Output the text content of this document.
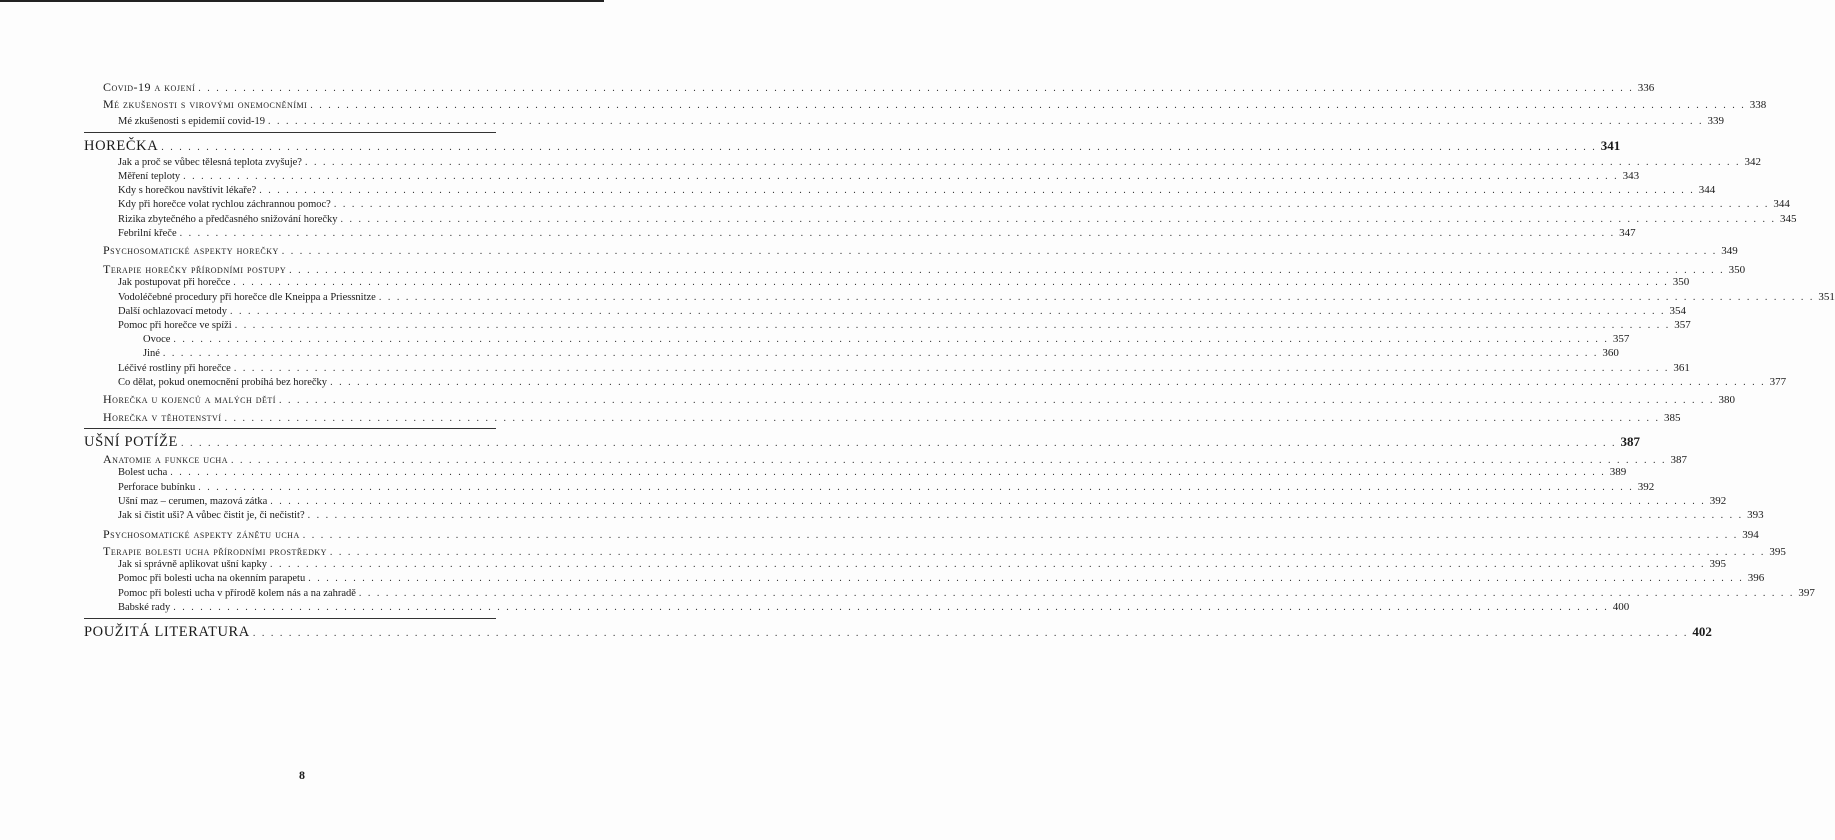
Covid-19 a kojení . . . . . . . . . . . . . . . . . . . . . . . . . . . . . . . . . . . . . . . . . . . . . . . . . . . . . . . . . . . . . . . . . . . . . . . . . . . . . . . . . . . . . . . . . . . . . . . . . . . . . . . . . . . . . . . . . . . . . . . . . . . . . . . . . . . . . . . . . . . . . . . . . . . . . . . . . . . . . . . . 336
Mé zkušenosti s virovými onemocněními . . . . . . . . . . . . . . . . . . . . . . . . . . . . . . . . . . . . . . . . . . . . . . . . . . . . . . . . . . . . . . . . . . . . . . . . . . . . . . . . . . . . . . . . . . . . . . . . . . . . . . . . . . . . . . . . . . . . . . . . . . . . . . . . . . . . . . . . . . . . . . . . . . . . . . . . . . . . . . . . 338
Mé zkušenosti s epidemií covid-19 . . . . . . . . . . . . . . . . . . . . . . . . . . . . . . . . . . . . . . . . . . . . . . . . . . . . . . . . . . . . . . . . . . . . . . . . . . . . . . . . . . . . . . . . . . . . . . . . . . . . . . . . . . . . . . . . . . . . . . . . . . . . . . . . . . . . . . . . . . . . . . . . . . . . . . . . . . . . . . . . 339
HOREČKA . . . . . . . . . . . . . . . . . . . . . . . . . . . . . . . . . . . . . . . . . . . . . . . . . . . . . . . . . . . . . . . . . . . . . . . . . . . . . . . . . . . . . . . . . . . . . . . . . . . . . . . . . . . . . . . . . . . . . . . . . . . . . . . . . . . . . . . . . . . . . . . . . . . . . . . . . . . . . . . . 341
Jak a proč se vůbec tělesná teplota zvyšuje? . . . . . . . . . . . . . . . . . . . . . . . . . . . . . . . . . . . . . . . . . . . . . . . . . . . . . . . . . . . . . . . . . . . . . . . . . . . . . . . . . . . . . . . . . . . . . . . . . . . . . . . . . . . . . . . . . . . . . . . . . . . . . . . . . . . . . . . . . . . . . . . . . . . . . . . . . . . . . . . . 342
Měření teploty . . . . . . . . . . . . . . . . . . . . . . . . . . . . . . . . . . . . . . . . . . . . . . . . . . . . . . . . . . . . . . . . . . . . . . . . . . . . . . . . . . . . . . . . . . . . . . . . . . . . . . . . . . . . . . . . . . . . . . . . . . . . . . . . . . . . . . . . . . . . . . . . . . . . . . . . . . . . . . . . 343
Kdy s horečkou navštívit lékaře? . . . . . . . . . . . . . . . . . . . . . . . . . . . . . . . . . . . . . . . . . . . . . . . . . . . . . . . . . . . . . . . . . . . . . . . . . . . . . . . . . . . . . . . . . . . . . . . . . . . . . . . . . . . . . . . . . . . . . . . . . . . . . . . . . . . . . . . . . . . . . . . . . . . . . . . . . . . . . . . . 344
Kdy při horečce volat rychlou záchrannou pomoc? . . . . . . . . . . . . . . . . . . . . . . . . . . . . . . . . . . . . . . . . . . . . . . . . . . . . . . . . . . . . . . . . . . . . . . . . . . . . . . . . . . . . . . . . . . . . . . . . . . . . . . . . . . . . . . . . . . . . . . . . . . . . . . . . . . . . . . . . . . . . . . . . . . . . . . . . . . . . . . . . 344
Rizika zbytečného a předčasného snižování horečky . . . . . . . . . . . . . . . . . . . . . . . . . . . . . . . . . . . . . . . . . . . . . . . . . . . . . . . . . . . . . . . . . . . . . . . . . . . . . . . . . . . . . . . . . . . . . . . . . . . . . . . . . . . . . . . . . . . . . . . . . . . . . . . . . . . . . . . . . . . . . . . . . . . . . . . . . . . . . . . . 345
Febrilní křeče . . . . . . . . . . . . . . . . . . . . . . . . . . . . . . . . . . . . . . . . . . . . . . . . . . . . . . . . . . . . . . . . . . . . . . . . . . . . . . . . . . . . . . . . . . . . . . . . . . . . . . . . . . . . . . . . . . . . . . . . . . . . . . . . . . . . . . . . . . . . . . . . . . . . . . . . . . . . . . . . 347
Psychosomatické aspekty horečky . . . . . . . . . . . . . . . . . . . . . . . . . . . . . . . . . . . . . . . . . . . . . . . . . . . . . . . . . . . . . . . . . . . . . . . . . . . . . . . . . . . . . . . . . . . . . . . . . . . . . . . . . . . . . . . . . . . . . . . . . . . . . . . . . . . . . . . . . . . . . . . . . . . . . . . . . . . . . . . . 349
Terapie horečky přírodními postupy . . . . . . . . . . . . . . . . . . . . . . . . . . . . . . . . . . . . . . . . . . . . . . . . . . . . . . . . . . . . . . . . . . . . . . . . . . . . . . . . . . . . . . . . . . . . . . . . . . . . . . . . . . . . . . . . . . . . . . . . . . . . . . . . . . . . . . . . . . . . . . . . . . . . . . . . . . . . . . . . 350
Jak postupovat při horečce . . . . . . . . . . . . . . . . . . . . . . . . . . . . . . . . . . . . . . . . . . . . . . . . . . . . . . . . . . . . . . . . . . . . . . . . . . . . . . . . . . . . . . . . . . . . . . . . . . . . . . . . . . . . . . . . . . . . . . . . . . . . . . . . . . . . . . . . . . . . . . . . . . . . . . . . . . . . . . . . 350
Vodoléčebné procedury při horečce dle Kneippa a Priessnitze . . . . . . . . . . . . . . . . . . . . . . . . . . . . . . . . . . . . . . . . . . . . . . . . . . . . . . . . . . . . . . . . . . . . . . . . . . . . . . . . . . . . . . . . . . . . . . . . . . . . . . . . . . . . . . . . . . . . . . . . . . . . . . . . . . . . . . . . . . . . . . . . . . . . . . . . . . . . . . . . 351
Další ochlazovací metody . . . . . . . . . . . . . . . . . . . . . . . . . . . . . . . . . . . . . . . . . . . . . . . . . . . . . . . . . . . . . . . . . . . . . . . . . . . . . . . . . . . . . . . . . . . . . . . . . . . . . . . . . . . . . . . . . . . . . . . . . . . . . . . . . . . . . . . . . . . . . . . . . . . . . . . . . . . . . . . . 354
Pomoc při horečce ve spíži . . . . . . . . . . . . . . . . . . . . . . . . . . . . . . . . . . . . . . . . . . . . . . . . . . . . . . . . . . . . . . . . . . . . . . . . . . . . . . . . . . . . . . . . . . . . . . . . . . . . . . . . . . . . . . . . . . . . . . . . . . . . . . . . . . . . . . . . . . . . . . . . . . . . . . . . . . . . . . . . 357
Ovoce . . . . . . . . . . . . . . . . . . . . . . . . . . . . . . . . . . . . . . . . . . . . . . . . . . . . . . . . . . . . . . . . . . . . . . . . . . . . . . . . . . . . . . . . . . . . . . . . . . . . . . . . . . . . . . . . . . . . . . . . . . . . . . . . . . . . . . . . . . . . . . . . . . . . . . . . . . . . . . . . 357
Jiné . . . . . . . . . . . . . . . . . . . . . . . . . . . . . . . . . . . . . . . . . . . . . . . . . . . . . . . . . . . . . . . . . . . . . . . . . . . . . . . . . . . . . . . . . . . . . . . . . . . . . . . . . . . . . . . . . . . . . . . . . . . . . . . . . . . . . . . . . . . . . . . . . . . . . . . . . . . . . . . . 360
Léčivé rostliny při horečce . . . . . . . . . . . . . . . . . . . . . . . . . . . . . . . . . . . . . . . . . . . . . . . . . . . . . . . . . . . . . . . . . . . . . . . . . . . . . . . . . . . . . . . . . . . . . . . . . . . . . . . . . . . . . . . . . . . . . . . . . . . . . . . . . . . . . . . . . . . . . . . . . . . . . . . . . . . . . . . . 361
Co dělat, pokud onemocnění probíhá bez horečky . . . . . . . . . . . . . . . . . . . . . . . . . . . . . . . . . . . . . . . . . . . . . . . . . . . . . . . . . . . . . . . . . . . . . . . . . . . . . . . . . . . . . . . . . . . . . . . . . . . . . . . . . . . . . . . . . . . . . . . . . . . . . . . . . . . . . . . . . . . . . . . . . . . . . . . . . . . . . . . . 377
Horečka u kojenců a malých dětí . . . . . . . . . . . . . . . . . . . . . . . . . . . . . . . . . . . . . . . . . . . . . . . . . . . . . . . . . . . . . . . . . . . . . . . . . . . . . . . . . . . . . . . . . . . . . . . . . . . . . . . . . . . . . . . . . . . . . . . . . . . . . . . . . . . . . . . . . . . . . . . . . . . . . . . . . . . . . . . . 380
Horečka v těhotenství . . . . . . . . . . . . . . . . . . . . . . . . . . . . . . . . . . . . . . . . . . . . . . . . . . . . . . . . . . . . . . . . . . . . . . . . . . . . . . . . . . . . . . . . . . . . . . . . . . . . . . . . . . . . . . . . . . . . . . . . . . . . . . . . . . . . . . . . . . . . . . . . . . . . . . . . . . . . . . . . 385
UŠNÍ POTÍŽE . . . . . . . . . . . . . . . . . . . . . . . . . . . . . . . . . . . . . . . . . . . . . . . . . . . . . . . . . . . . . . . . . . . . . . . . . . . . . . . . . . . . . . . . . . . . . . . . . . . . . . . . . . . . . . . . . . . . . . . . . . . . . . . . . . . . . . . . . . . . . . . . . . . . . . . . . . . . . . . . 387
Anatomie a funkce ucha . . . . . . . . . . . . . . . . . . . . . . . . . . . . . . . . . . . . . . . . . . . . . . . . . . . . . . . . . . . . . . . . . . . . . . . . . . . . . . . . . . . . . . . . . . . . . . . . . . . . . . . . . . . . . . . . . . . . . . . . . . . . . . . . . . . . . . . . . . . . . . . . . . . . . . . . . . . . . . . . 387
Bolest ucha . . . . . . . . . . . . . . . . . . . . . . . . . . . . . . . . . . . . . . . . . . . . . . . . . . . . . . . . . . . . . . . . . . . . . . . . . . . . . . . . . . . . . . . . . . . . . . . . . . . . . . . . . . . . . . . . . . . . . . . . . . . . . . . . . . . . . . . . . . . . . . . . . . . . . . . . . . . . . . . . 389
Perforace bubínku . . . . . . . . . . . . . . . . . . . . . . . . . . . . . . . . . . . . . . . . . . . . . . . . . . . . . . . . . . . . . . . . . . . . . . . . . . . . . . . . . . . . . . . . . . . . . . . . . . . . . . . . . . . . . . . . . . . . . . . . . . . . . . . . . . . . . . . . . . . . . . . . . . . . . . . . . . . . . . . . 392
Ušní maz – cerumen, mazová zátka . . . . . . . . . . . . . . . . . . . . . . . . . . . . . . . . . . . . . . . . . . . . . . . . . . . . . . . . . . . . . . . . . . . . . . . . . . . . . . . . . . . . . . . . . . . . . . . . . . . . . . . . . . . . . . . . . . . . . . . . . . . . . . . . . . . . . . . . . . . . . . . . . . . . . . . . . . . . . . . . 392
Jak si čistit uši? A vůbec čistit je, či nečistit? . . . . . . . . . . . . . . . . . . . . . . . . . . . . . . . . . . . . . . . . . . . . . . . . . . . . . . . . . . . . . . . . . . . . . . . . . . . . . . . . . . . . . . . . . . . . . . . . . . . . . . . . . . . . . . . . . . . . . . . . . . . . . . . . . . . . . . . . . . . . . . . . . . . . . . . . . . . . . . . . 393
Psychosomatické aspekty zánětu ucha . . . . . . . . . . . . . . . . . . . . . . . . . . . . . . . . . . . . . . . . . . . . . . . . . . . . . . . . . . . . . . . . . . . . . . . . . . . . . . . . . . . . . . . . . . . . . . . . . . . . . . . . . . . . . . . . . . . . . . . . . . . . . . . . . . . . . . . . . . . . . . . . . . . . . . . . . . . . . . . . 394
Terapie bolesti ucha přírodními prostředky . . . . . . . . . . . . . . . . . . . . . . . . . . . . . . . . . . . . . . . . . . . . . . . . . . . . . . . . . . . . . . . . . . . . . . . . . . . . . . . . . . . . . . . . . . . . . . . . . . . . . . . . . . . . . . . . . . . . . . . . . . . . . . . . . . . . . . . . . . . . . . . . . . . . . . . . . . . . . . . . 395
Jak si správně aplikovat ušní kapky . . . . . . . . . . . . . . . . . . . . . . . . . . . . . . . . . . . . . . . . . . . . . . . . . . . . . . . . . . . . . . . . . . . . . . . . . . . . . . . . . . . . . . . . . . . . . . . . . . . . . . . . . . . . . . . . . . . . . . . . . . . . . . . . . . . . . . . . . . . . . . . . . . . . . . . . . . . . . . . . 395
Pomoc při bolesti ucha na okenním parapetu . . . . . . . . . . . . . . . . . . . . . . . . . . . . . . . . . . . . . . . . . . . . . . . . . . . . . . . . . . . . . . . . . . . . . . . . . . . . . . . . . . . . . . . . . . . . . . . . . . . . . . . . . . . . . . . . . . . . . . . . . . . . . . . . . . . . . . . . . . . . . . . . . . . . . . . . . . . . . . . . 396
Pomoc při bolesti ucha v přírodě kolem nás a na zahradě . . . . . . . . . . . . . . . . . . . . . . . . . . . . . . . . . . . . . . . . . . . . . . . . . . . . . . . . . . . . . . . . . . . . . . . . . . . . . . . . . . . . . . . . . . . . . . . . . . . . . . . . . . . . . . . . . . . . . . . . . . . . . . . . . . . . . . . . . . . . . . . . . . . . . . . . . . . . . . . . 397
Babské rady . . . . . . . . . . . . . . . . . . . . . . . . . . . . . . . . . . . . . . . . . . . . . . . . . . . . . . . . . . . . . . . . . . . . . . . . . . . . . . . . . . . . . . . . . . . . . . . . . . . . . . . . . . . . . . . . . . . . . . . . . . . . . . . . . . . . . . . . . . . . . . . . . . . . . . . . . . . . . . . . 400
POUŽITÁ LITERATURA . . . . . . . . . . . . . . . . . . . . . . . . . . . . . . . . . . . . . . . . . . . . . . . . . . . . . . . . . . . . . . . . . . . . . . . . . . . . . . . . . . . . . . . . . . . . . . . . . . . . . . . . . . . . . . . . . . . . . . . . . . . . . . . . . . . . . . . . . . . . . . . . . . . . . . . . . . . . . . . . 402
8
